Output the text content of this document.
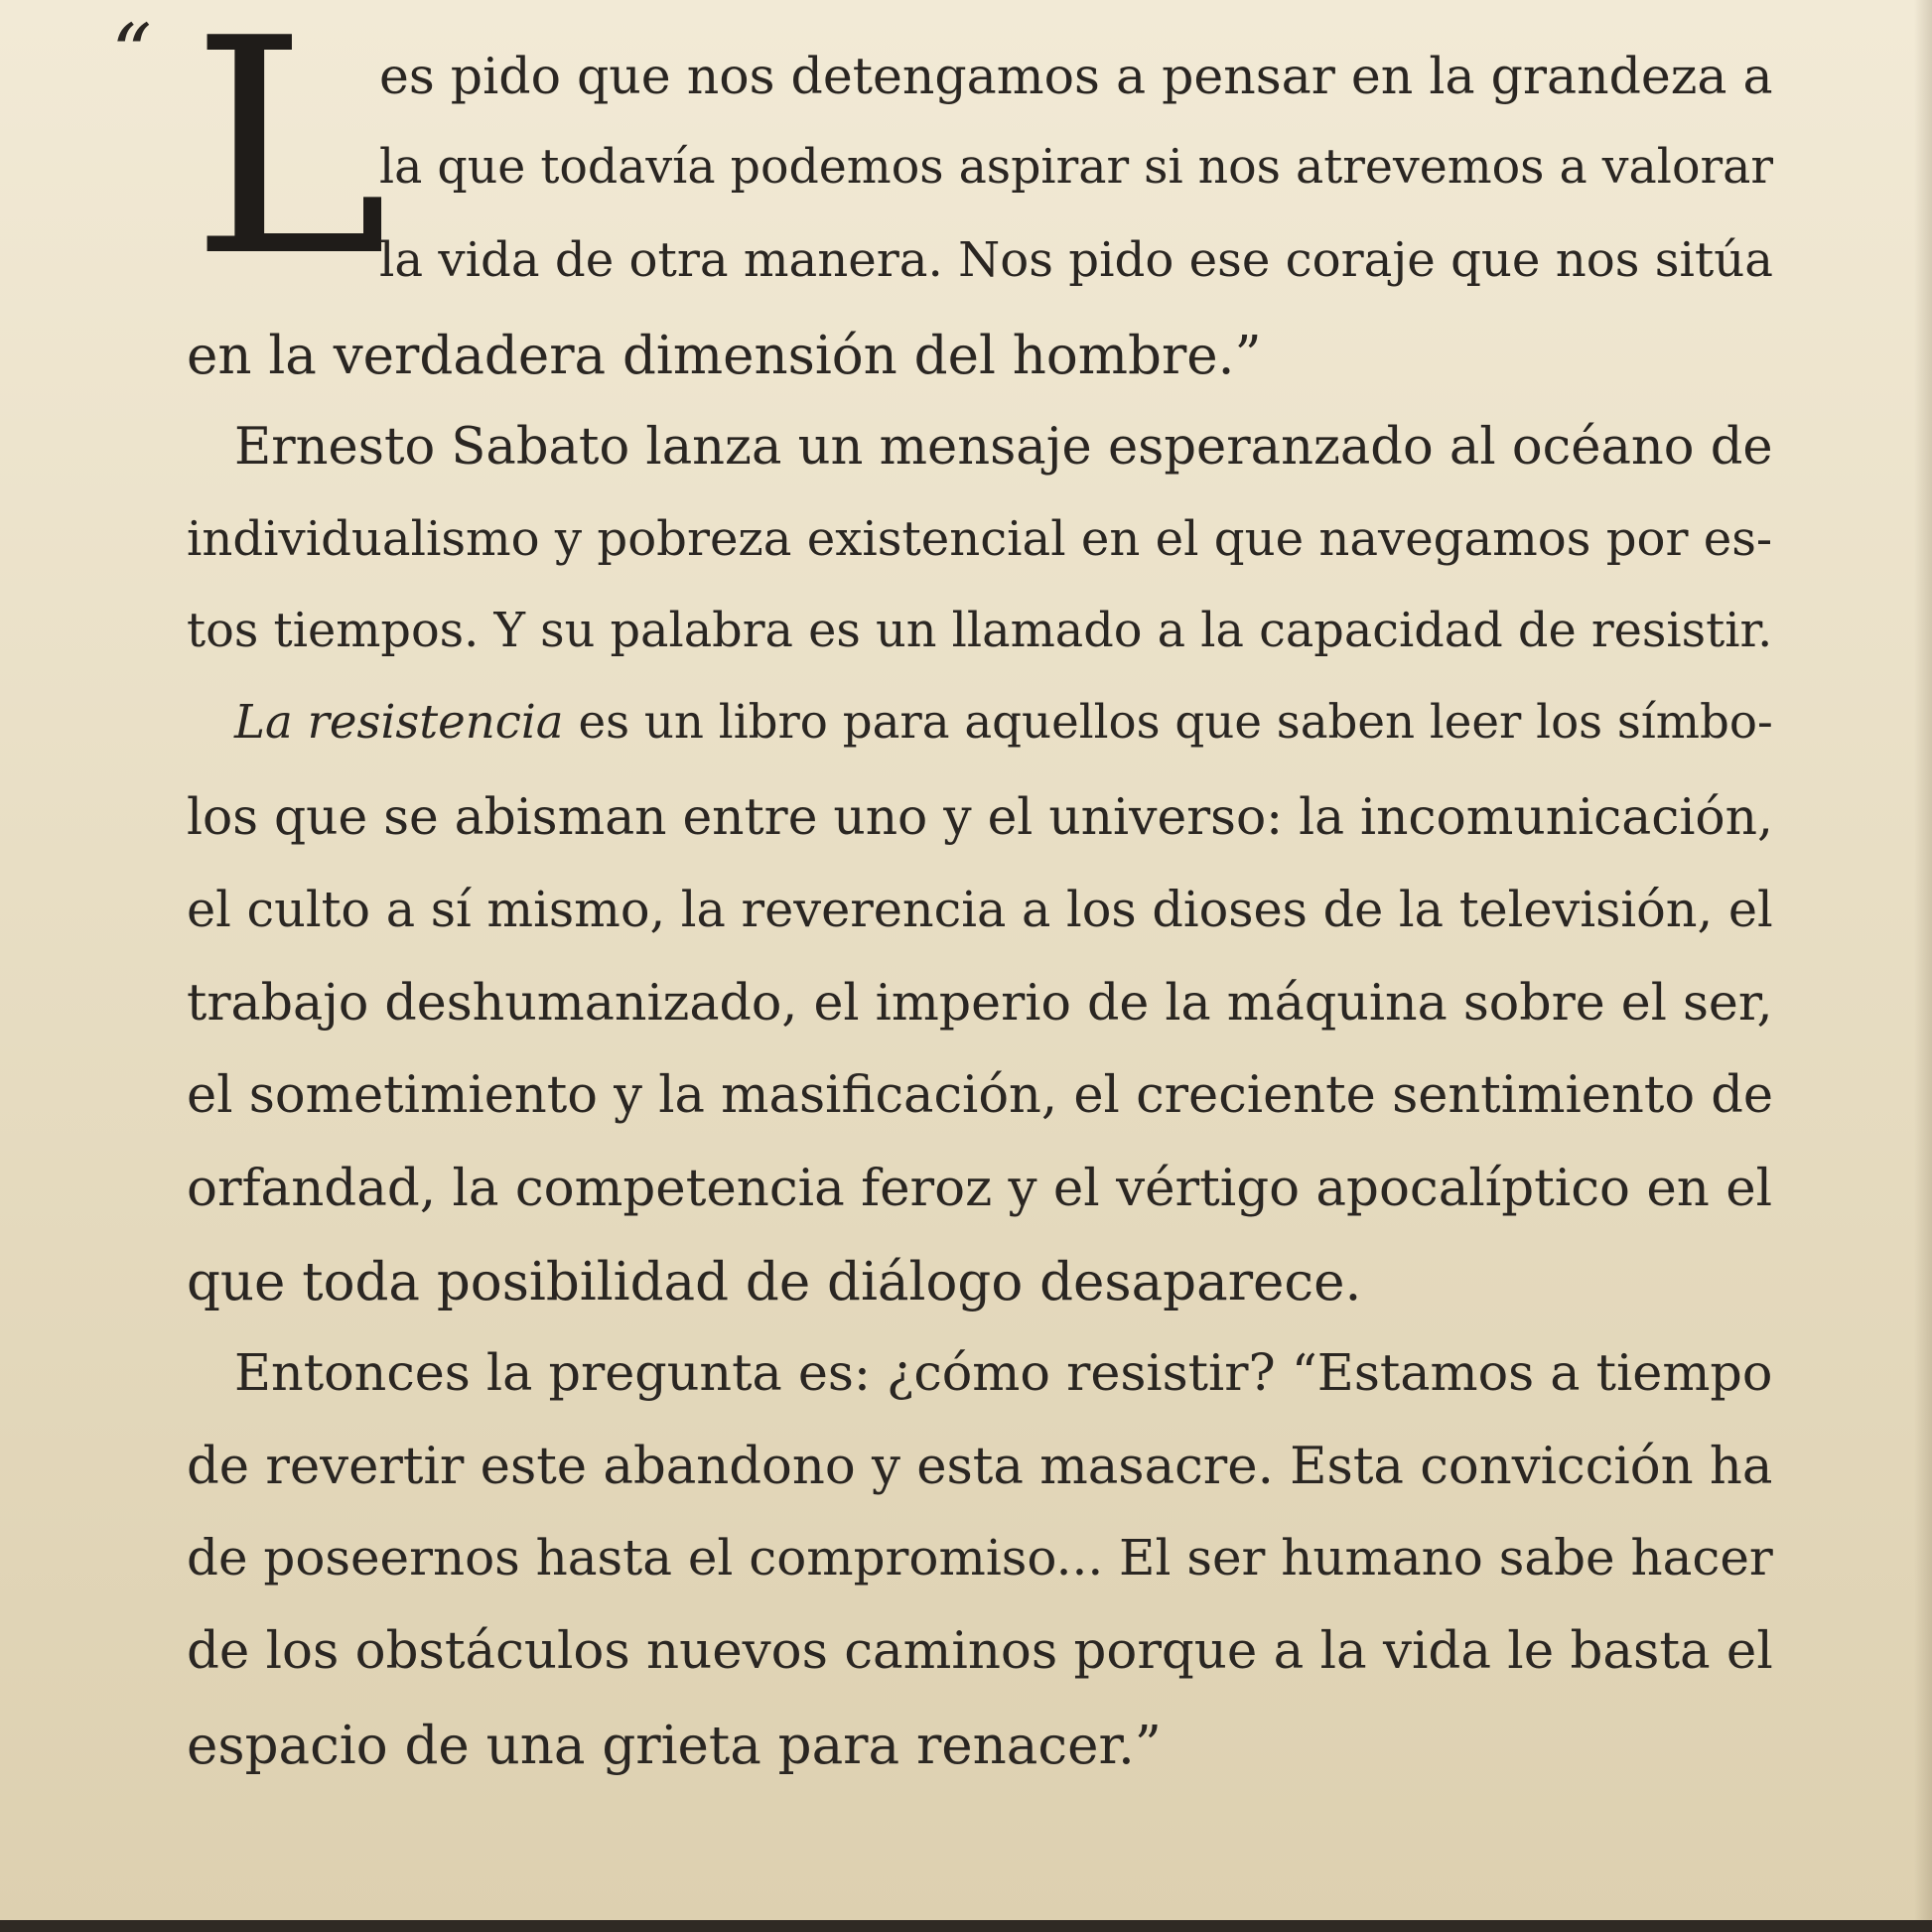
“ L
es pido que nos detengamos a pensar en la grandeza a
la que todavía podemos aspirar si nos atrevemos a valorar
la vida de otra manera. Nos pido ese coraje que nos sitúa
en la verdadera dimensión del hombre.”
Ernesto Sabato lanza un mensaje esperanzado al océano de
individualismo y pobreza existencial en el que navegamos por es-
tos tiempos. Y su palabra es un llamado a la capacidad de resistir.
La resistencia es un libro para aquellos que saben leer los símbo-
los que se abisman entre uno y el universo: la incomunicación,
el culto a sí mismo, la reverencia a los dioses de la televisión, el
trabajo deshumanizado, el imperio de la máquina sobre el ser,
el sometimiento y la masificación, el creciente sentimiento de
orfandad, la competencia feroz y el vértigo apocalíptico en el
que toda posibilidad de diálogo desaparece.
Entonces la pregunta es: ¿cómo resistir? “Estamos a tiempo
de revertir este abandono y esta masacre. Esta convicción ha
de poseernos hasta el compromiso... El ser humano sabe hacer
de los obstáculos nuevos caminos porque a la vida le basta el
espacio de una grieta para renacer.”
